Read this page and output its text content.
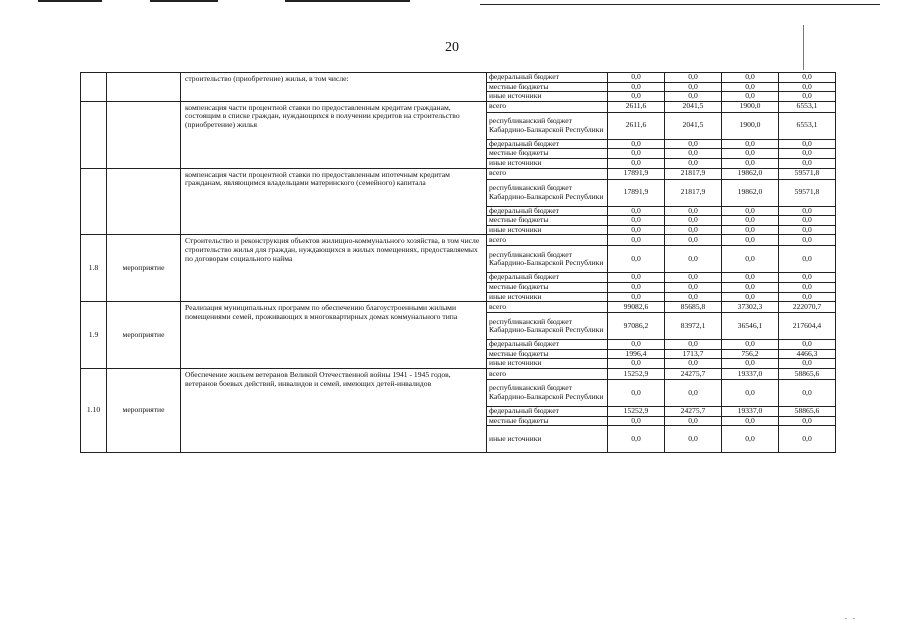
.   .
20
		строительство (приобретение) жилья, в том числе:	федеральный бюджет	0,0	0,0	0,0	0,0
			местные бюджеты	0,0	0,0	0,0	0,0
			иные источники	0,0	0,0	0,0	0,0
		компенсация части процентной ставки по предоставленным кредитам гражданам, состоящим в списке граждан, нуждающихся в получении кредитов на строительство (приобретение) жилья	всего	2611,6	2041,5	1900,0	6553,1
			республиканский бюджет Кабардино-Балкарской Республики	2611,6	2041,5	1900,0	6553,1
			федеральный бюджет	0,0	0,0	0,0	0,0
			местные бюджеты	0,0	0,0	0,0	0,0
			иные источники	0,0	0,0	0,0	0,0
		компенсация части процентной ставки по предоставленным ипотечным кредитам гражданам, являющимся владельцами материнского (семейного) капитала	всего	17891,9	21817,9	19862,0	59571,8
			республиканский бюджет Кабардино-Балкарской Республики	17891,9	21817,9	19862,0	59571,8
			федеральный бюджет	0,0	0,0	0,0	0,0
			местные бюджеты	0,0	0,0	0,0	0,0
			иные источники	0,0	0,0	0,0	0,0
1.8	мероприятие	Строительство и реконструкция объектов жилищно-коммунального хозяйства, в том числе строительство жилья для граждан, нуждающихся в жилых помещениях, предоставляемых по договорам социального найма	всего	0,0	0,0	0,0	0,0
			республиканский бюджет Кабардино-Балкарской Республики	0,0	0,0	0,0	0,0
			федеральный бюджет	0,0	0,0	0,0	0,0
			местные бюджеты	0,0	0,0	0,0	0,0
			иные источники	0,0	0,0	0,0	0,0
1.9	мероприятие	Реализация муниципальных программ по обеспечению благоустроенными жилыми помещениями семей, проживающих в многоквартирных домах коммунального типа	всего	99082,6	85685,8	37302,3	222070,7
			республиканский бюджет Кабардино-Балкарской Республики	97086,2	83972,1	36546,1	217604,4
			федеральный бюджет	0,0	0,0	0,0	0,0
			местные бюджеты	1996,4	1713,7	756,2	4466,3
			иные источники	0,0	0,0	0,0	0,0
1.10	мероприятие	Обеспечение жильем ветеранов Великой Отечественной войны 1941 - 1945 годов, ветеранов боевых действий, инвалидов и семей, имеющих детей-инвалидов	всего	15252,9	24275,7	19337,0	58865,6
			республиканский бюджет Кабардино-Балкарской Республики	0,0	0,0	0,0	0,0
			федеральный бюджет	15252,9	24275,7	19337,0	58865,6
			местные бюджеты	0,0	0,0	0,0	0,0
			иные источники	0,0	0,0	0,0	0,0
